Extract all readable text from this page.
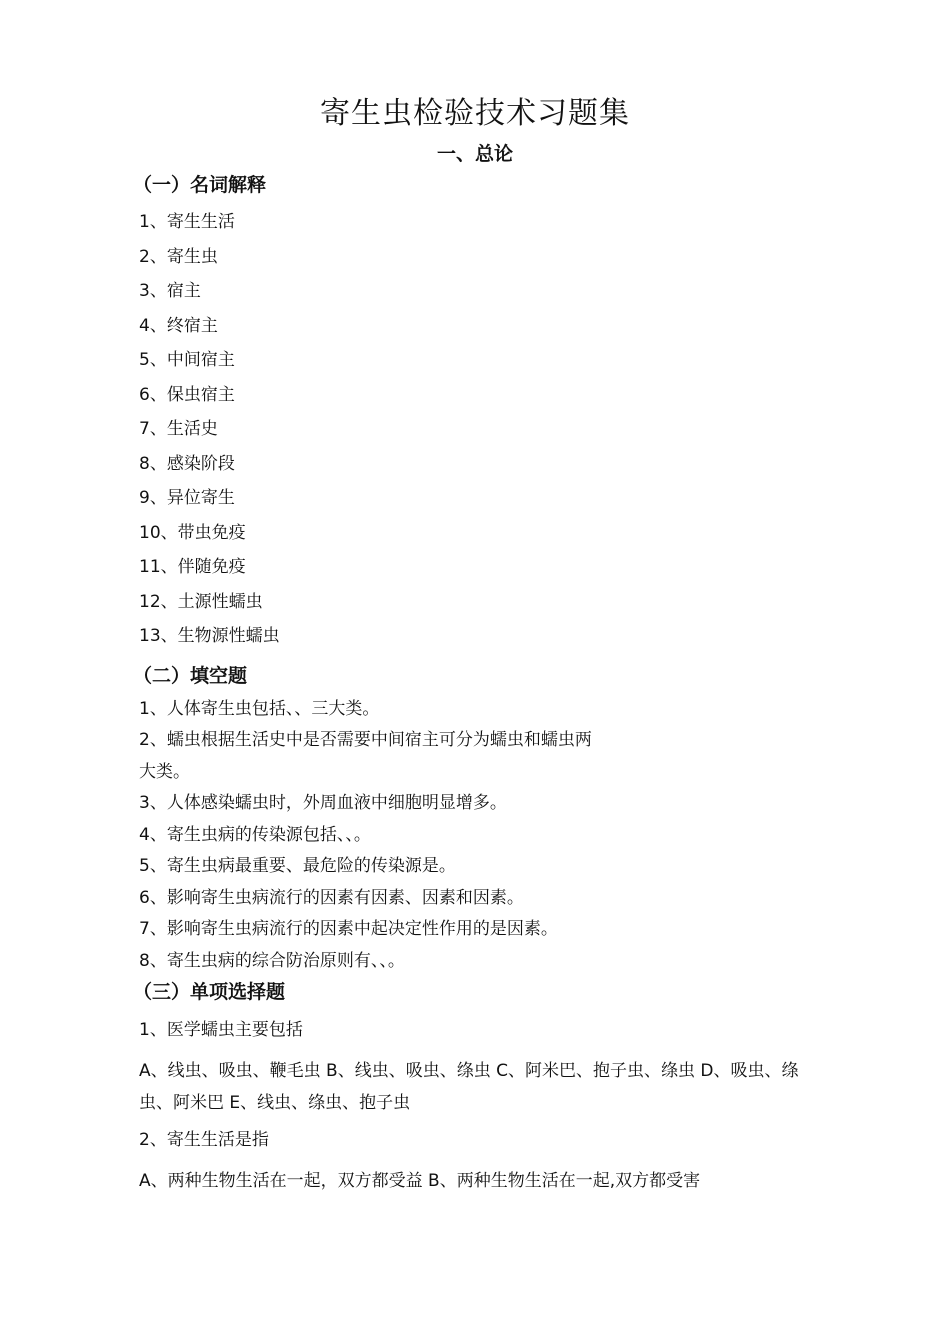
寄生虫检验技术习题集
一、总论
（一）名词解释
1、寄生生活
2、寄生虫
3、宿主
4、终宿主
5、中间宿主
6、保虫宿主
7、生活史
8、感染阶段
9、异位寄生
10、带虫免疫
11、伴随免疫
12、土源性蠕虫
13、生物源性蠕虫
（二）填空题
1、人体寄生虫包括、、三大类。
2、蠕虫根据生活史中是否需要中间宿主可分为蠕虫和蠕虫两
大类。
3、人体感染蠕虫时，外周血液中细胞明显增多。
4、寄生虫病的传染源包括、、。
5、寄生虫病最重要、最危险的传染源是。
6、影响寄生虫病流行的因素有因素、因素和因素。
7、影响寄生虫病流行的因素中起决定性作用的是因素。
8、寄生虫病的综合防治原则有、、。
（三）单项选择题
1、医学蠕虫主要包括
A、线虫、吸虫、鞭毛虫 B、线虫、吸虫、绦虫 C、阿米巴、抱子虫、绦虫 D、吸虫、绦虫、阿米巴 E、线虫、绦虫、抱子虫
2、寄生生活是指
A、两种生物生活在一起，双方都受益 B、两种生物生活在一起,双方都受害
